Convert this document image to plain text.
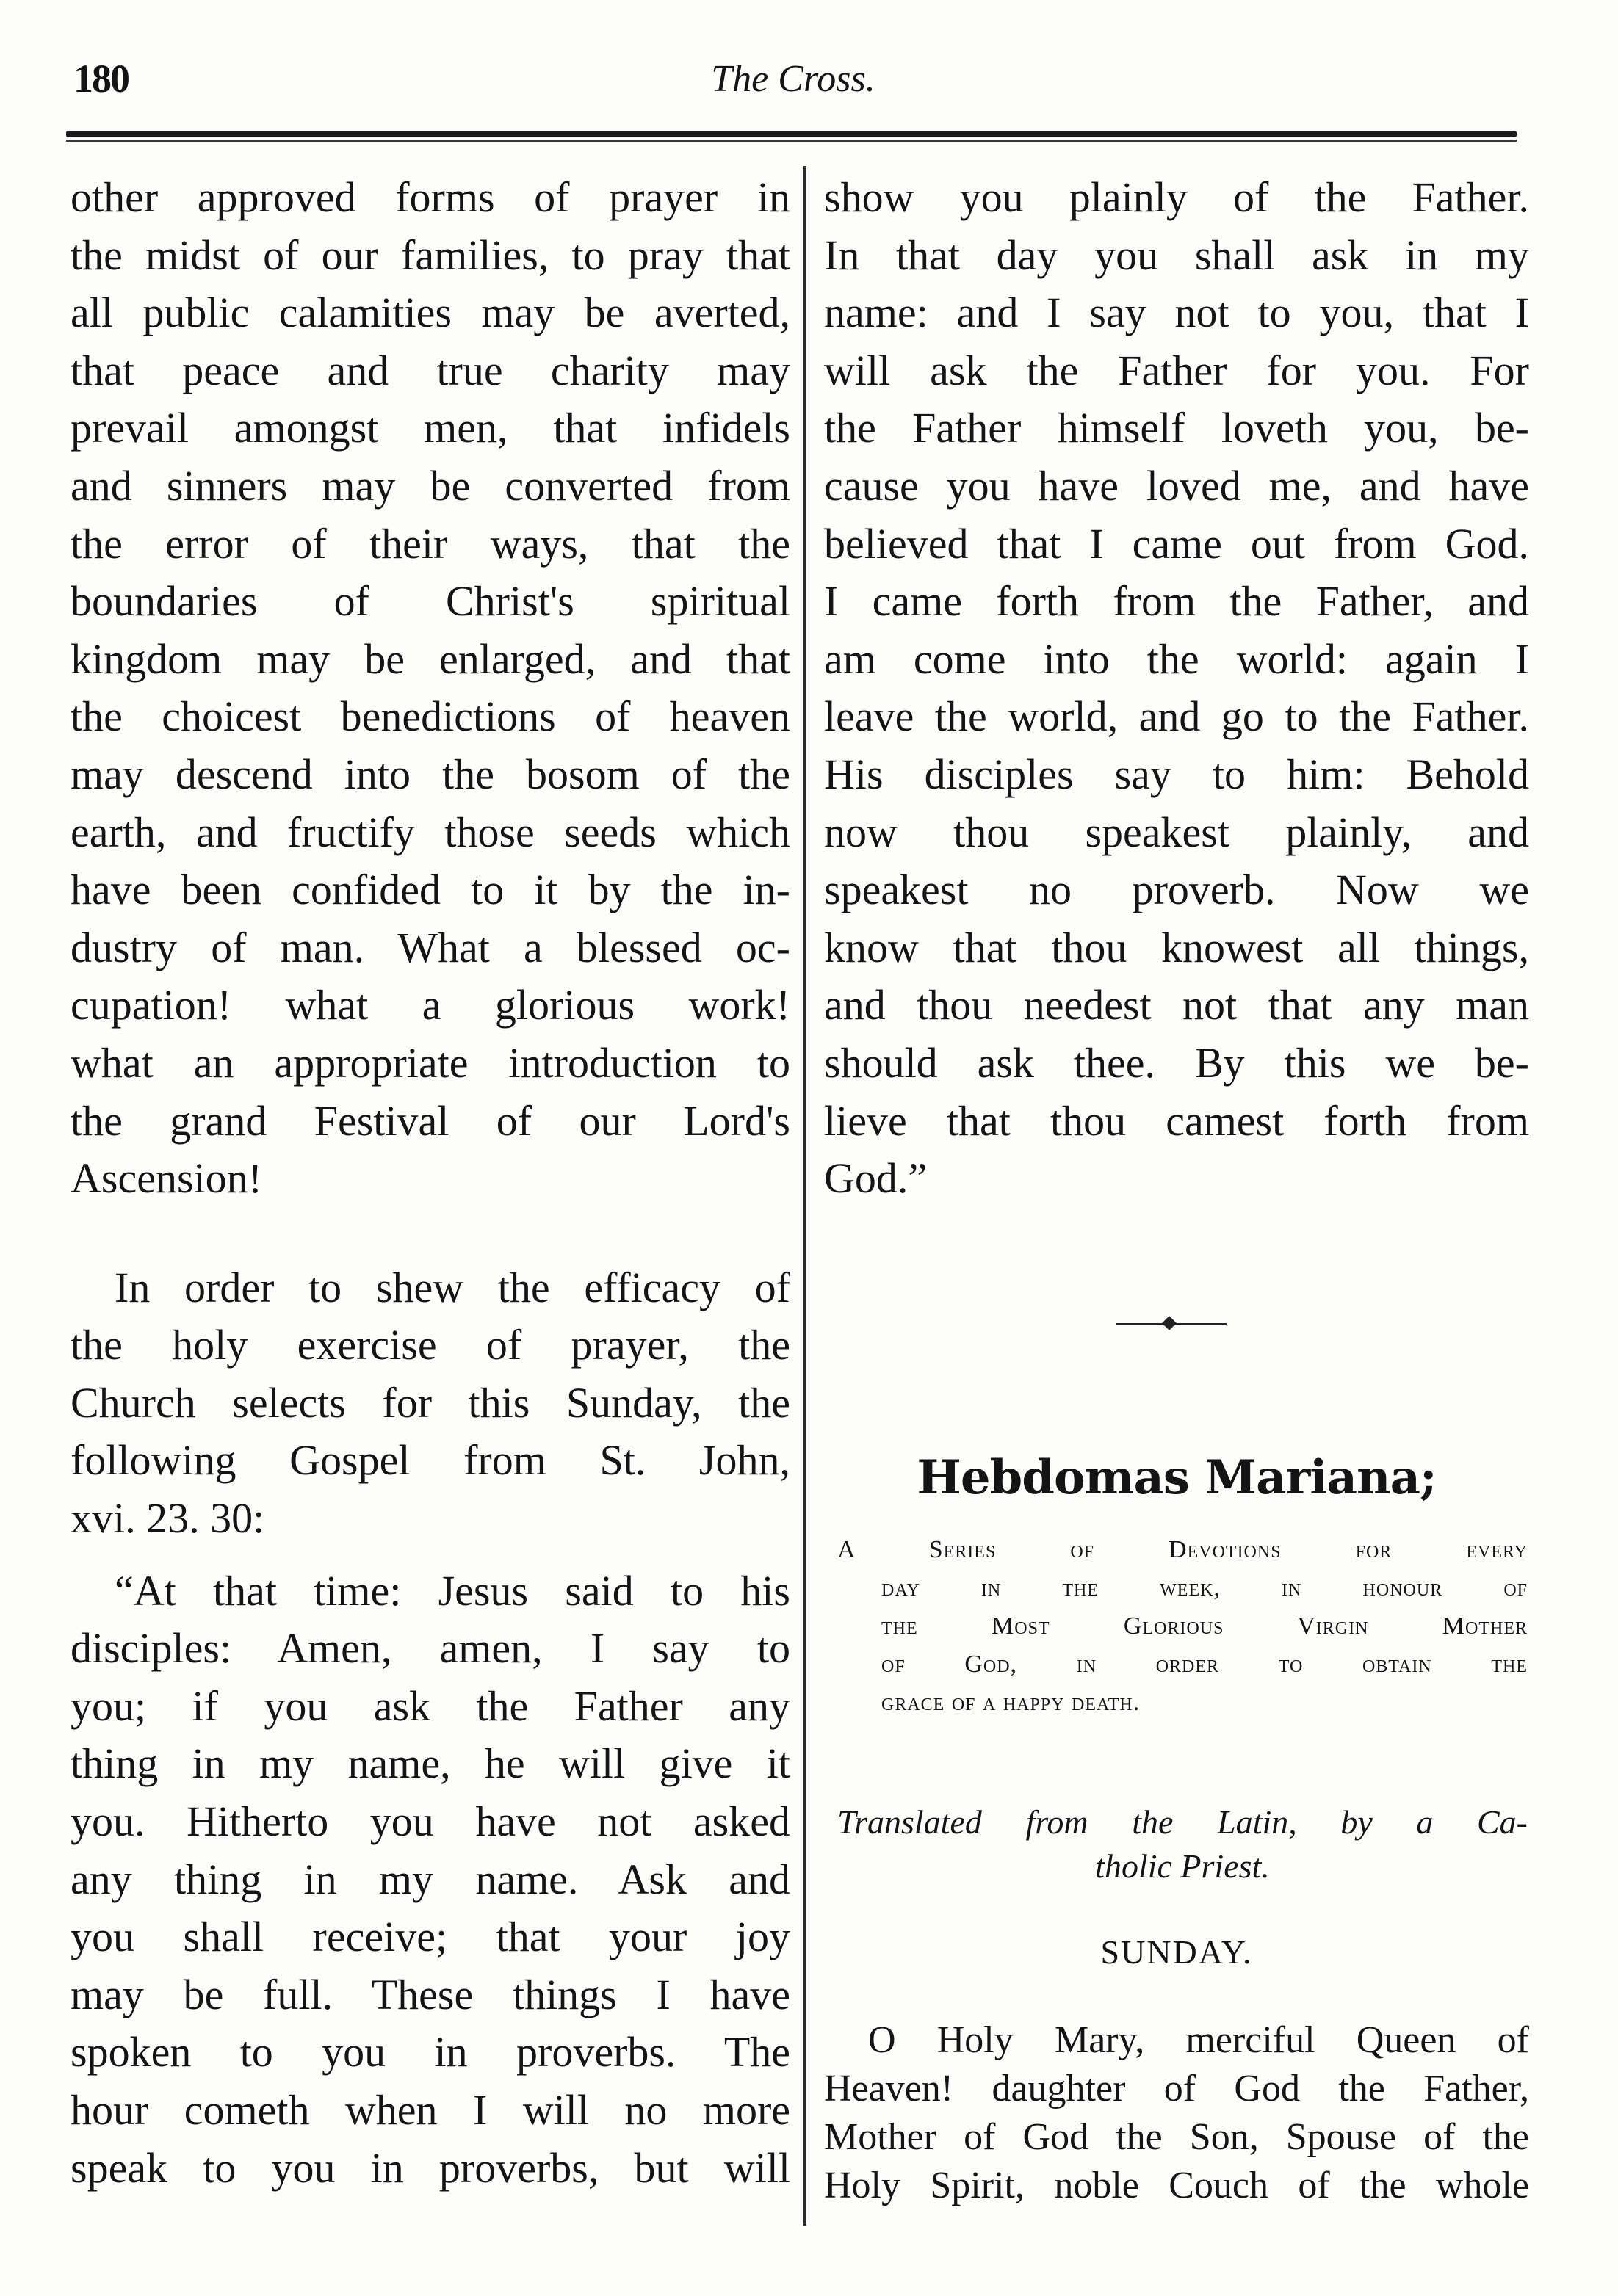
180	The Cross.
other approved forms of prayer in
the midst of our families, to pray that
all public calamities may be averted,
that peace and true charity may
prevail amongst men, that infidels
and sinners may be converted from
the error of their ways, that the
boundaries of Christ's spiritual
kingdom may be enlarged, and that
the choicest benedictions of heaven
may descend into the bosom of the
earth, and fructify those seeds which
have been confided to it by the in-
dustry of man. What a blessed oc-
cupation! what a glorious work!
what an appropriate introduction to
the grand Festival of our Lord's
Ascension!
In order to shew the efficacy of
the holy exercise of prayer, the
Church selects for this Sunday, the
following Gospel from St. John,
xvi. 23. 30:
“At that time: Jesus said to his
disciples: Amen, amen, I say to
you; if you ask the Father any
thing in my name, he will give it
you. Hitherto you have not asked
any thing in my name. Ask and
you shall receive; that your joy
may be full. These things I have
spoken to you in proverbs. The
hour cometh when I will no more
speak to you in proverbs, but will
show you plainly of the Father.
In that day you shall ask in my
name: and I say not to you, that I
will ask the Father for you. For
the Father himself loveth you, be-
cause you have loved me, and have
believed that I came out from God.
I came forth from the Father, and
am come into the world: again I
leave the world, and go to the Father.
His disciples say to him: Behold
now thou speakest plainly, and
speakest no proverb. Now we
know that thou knowest all things,
and thou needest not that any man
should ask thee. By this we be-
lieve that thou camest forth from
God.”
Hebdomas Mariana;
A Series of Devotions for every
day in the week, in honour of
the Most Glorious Virgin Mother
of God, in order to obtain the
grace of a happy death.
Translated from the Latin, by a Ca-
tholic Priest.
SUNDAY.
O Holy Mary, merciful Queen of
Heaven! daughter of God the Father,
Mother of God the Son, Spouse of the
Holy Spirit, noble Couch of the whole
